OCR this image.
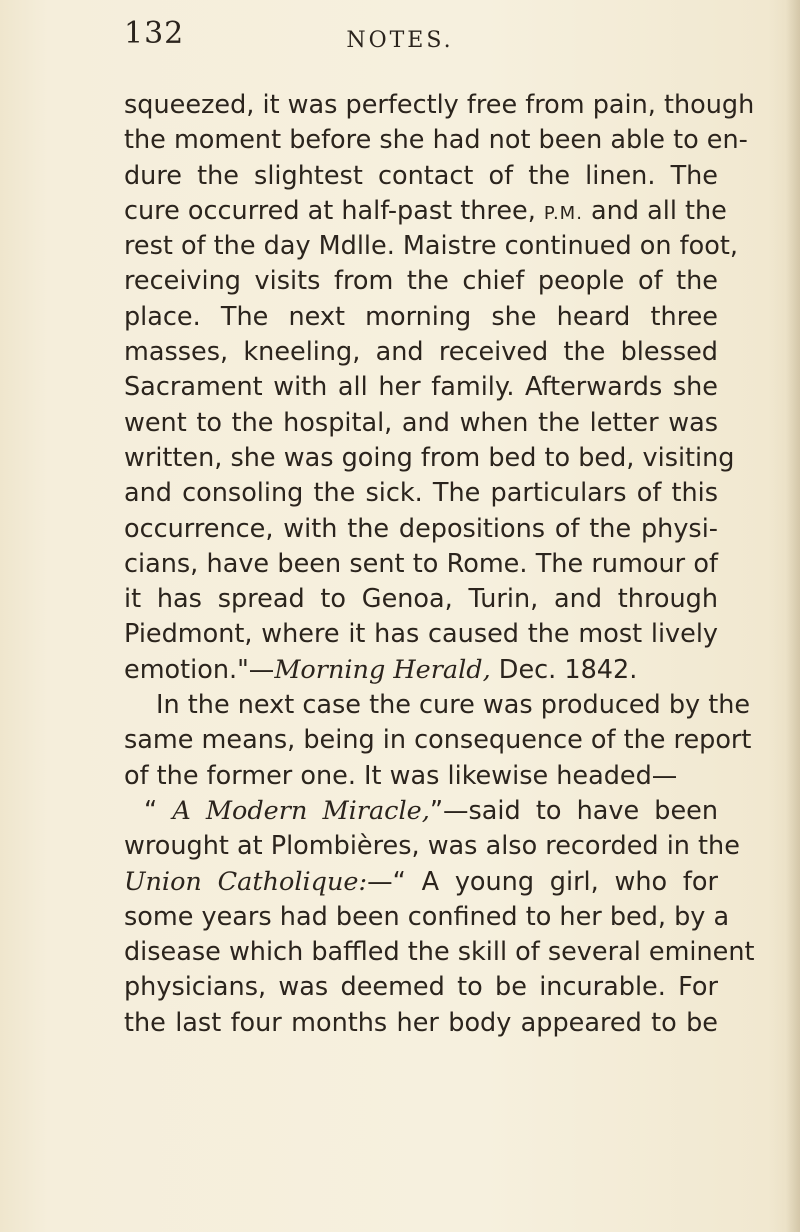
132	NOTES.
squeezed, it was perfectly free from pain, though
the moment before she had not been able to en-
dure the slightest contact of the linen. The
cure occurred at half-past three, P.M. and all the
rest of the day Mdlle. Maistre continued on foot,
receiving visits from the chief people of the
place. The next morning she heard three
masses, kneeling, and received the blessed
Sacrament with all her family. Afterwards she
went to the hospital, and when the letter was
written, she was going from bed to bed, visiting
and consoling the sick. The particulars of this
occurrence, with the depositions of the physi-
cians, have been sent to Rome. The rumour of
it has spread to Genoa, Turin, and through
Piedmont, where it has caused the most lively
emotion."—Morning Herald, Dec. 1842.
In the next case the cure was produced by the
same means, being in consequence of the report
of the former one. It was likewise headed—
“ A Modern Miracle,”—said to have been
wrought at Plombières, was also recorded in the
Union Catholique:—“ A young girl, who for
some years had been confined to her bed, by a
disease which baffled the skill of several eminent
physicians, was deemed to be incurable. For
the last four months her body appeared to be
